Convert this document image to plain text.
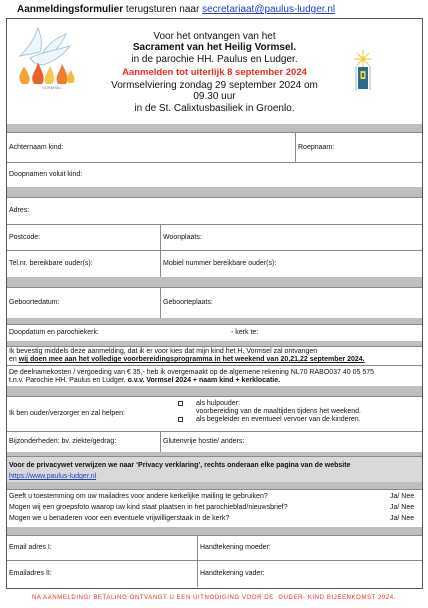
Aanmeldingsformulier terugsturen naar secretariaat@paulus-ludger.nl
VORMSEL
Voor het ontvangen van het
Sacrament van het Heilig Vormsel.
in de parochie HH. Paulus en Ludger.
Aanmelden tot uiterlijk 8 september 2024
Vormselviering zondag 29 september 2024 om
09.30 uur
in de St. Calixtusbasiliek in Groenlo.
Achternaam kind:	Roepnaam:
Doopnamen voluit kind:
Adres:
Postcode:	Woonplaats:
Tel.nr. bereikbare ouder(s):	Mobiel nummer bereikbare ouder(s):
Geboortedatum:	Geboorteplaats:
Doopdatum en parochiekerk:	- kerk te:
Ik bevestig middels deze aanmelding, dat ik er voor kies dat mijn kind het H. Vormsel zal ontvangen
en wij doen mee aan het volledige voorbereidingsprogramma in het weekend van 20,21,22 september 2024.
De deelnamekosten / vergoeding van € 35,- heb ik overgemaakt op de algemene rekening NL70 RABO037 40 05 575
t.n.v. Parochie HH. Paulus en Ludger. o.v.v. Vormsel 2024 + naam kind + kerklocatie.
Ik ben ouder/verzorger en zal helpen:
als hulpouder:
voorbereiding van de maaltijden tijdens het weekend.
als begeleider en eventueel vervoer van de kinderen.
Bijzonderheden: bv. ziekte/gedrag:	Glutenvrije hostie/ anders:
Voor de privacywet verwijzen we naar ‘Privacy verklaring’, rechts onderaan elke pagina van de website
https://www.paulus-ludger.nl
Geeft u toestemming om uw mailadres voor andere kerkelijke mailing te gebruiken?	Ja/ Nee
Mogen wij een groepsfoto waarop uw kind staat plaatsen in het parochieblad/nieuwsbrief?	Ja/ Nee
Mogen we u benaderen voor een eventuele vrijwilligerstaak in de kerk?	Ja/ Nee
Email adres I:	Handtekening moeder:
Emailadres II:	Handtekening vader:
NA AANMELDING/ BETALING ONTVANGT U EEN UITNODIGING VOOR DE  OUDER- KIND BIJEENKOMST 2024.
